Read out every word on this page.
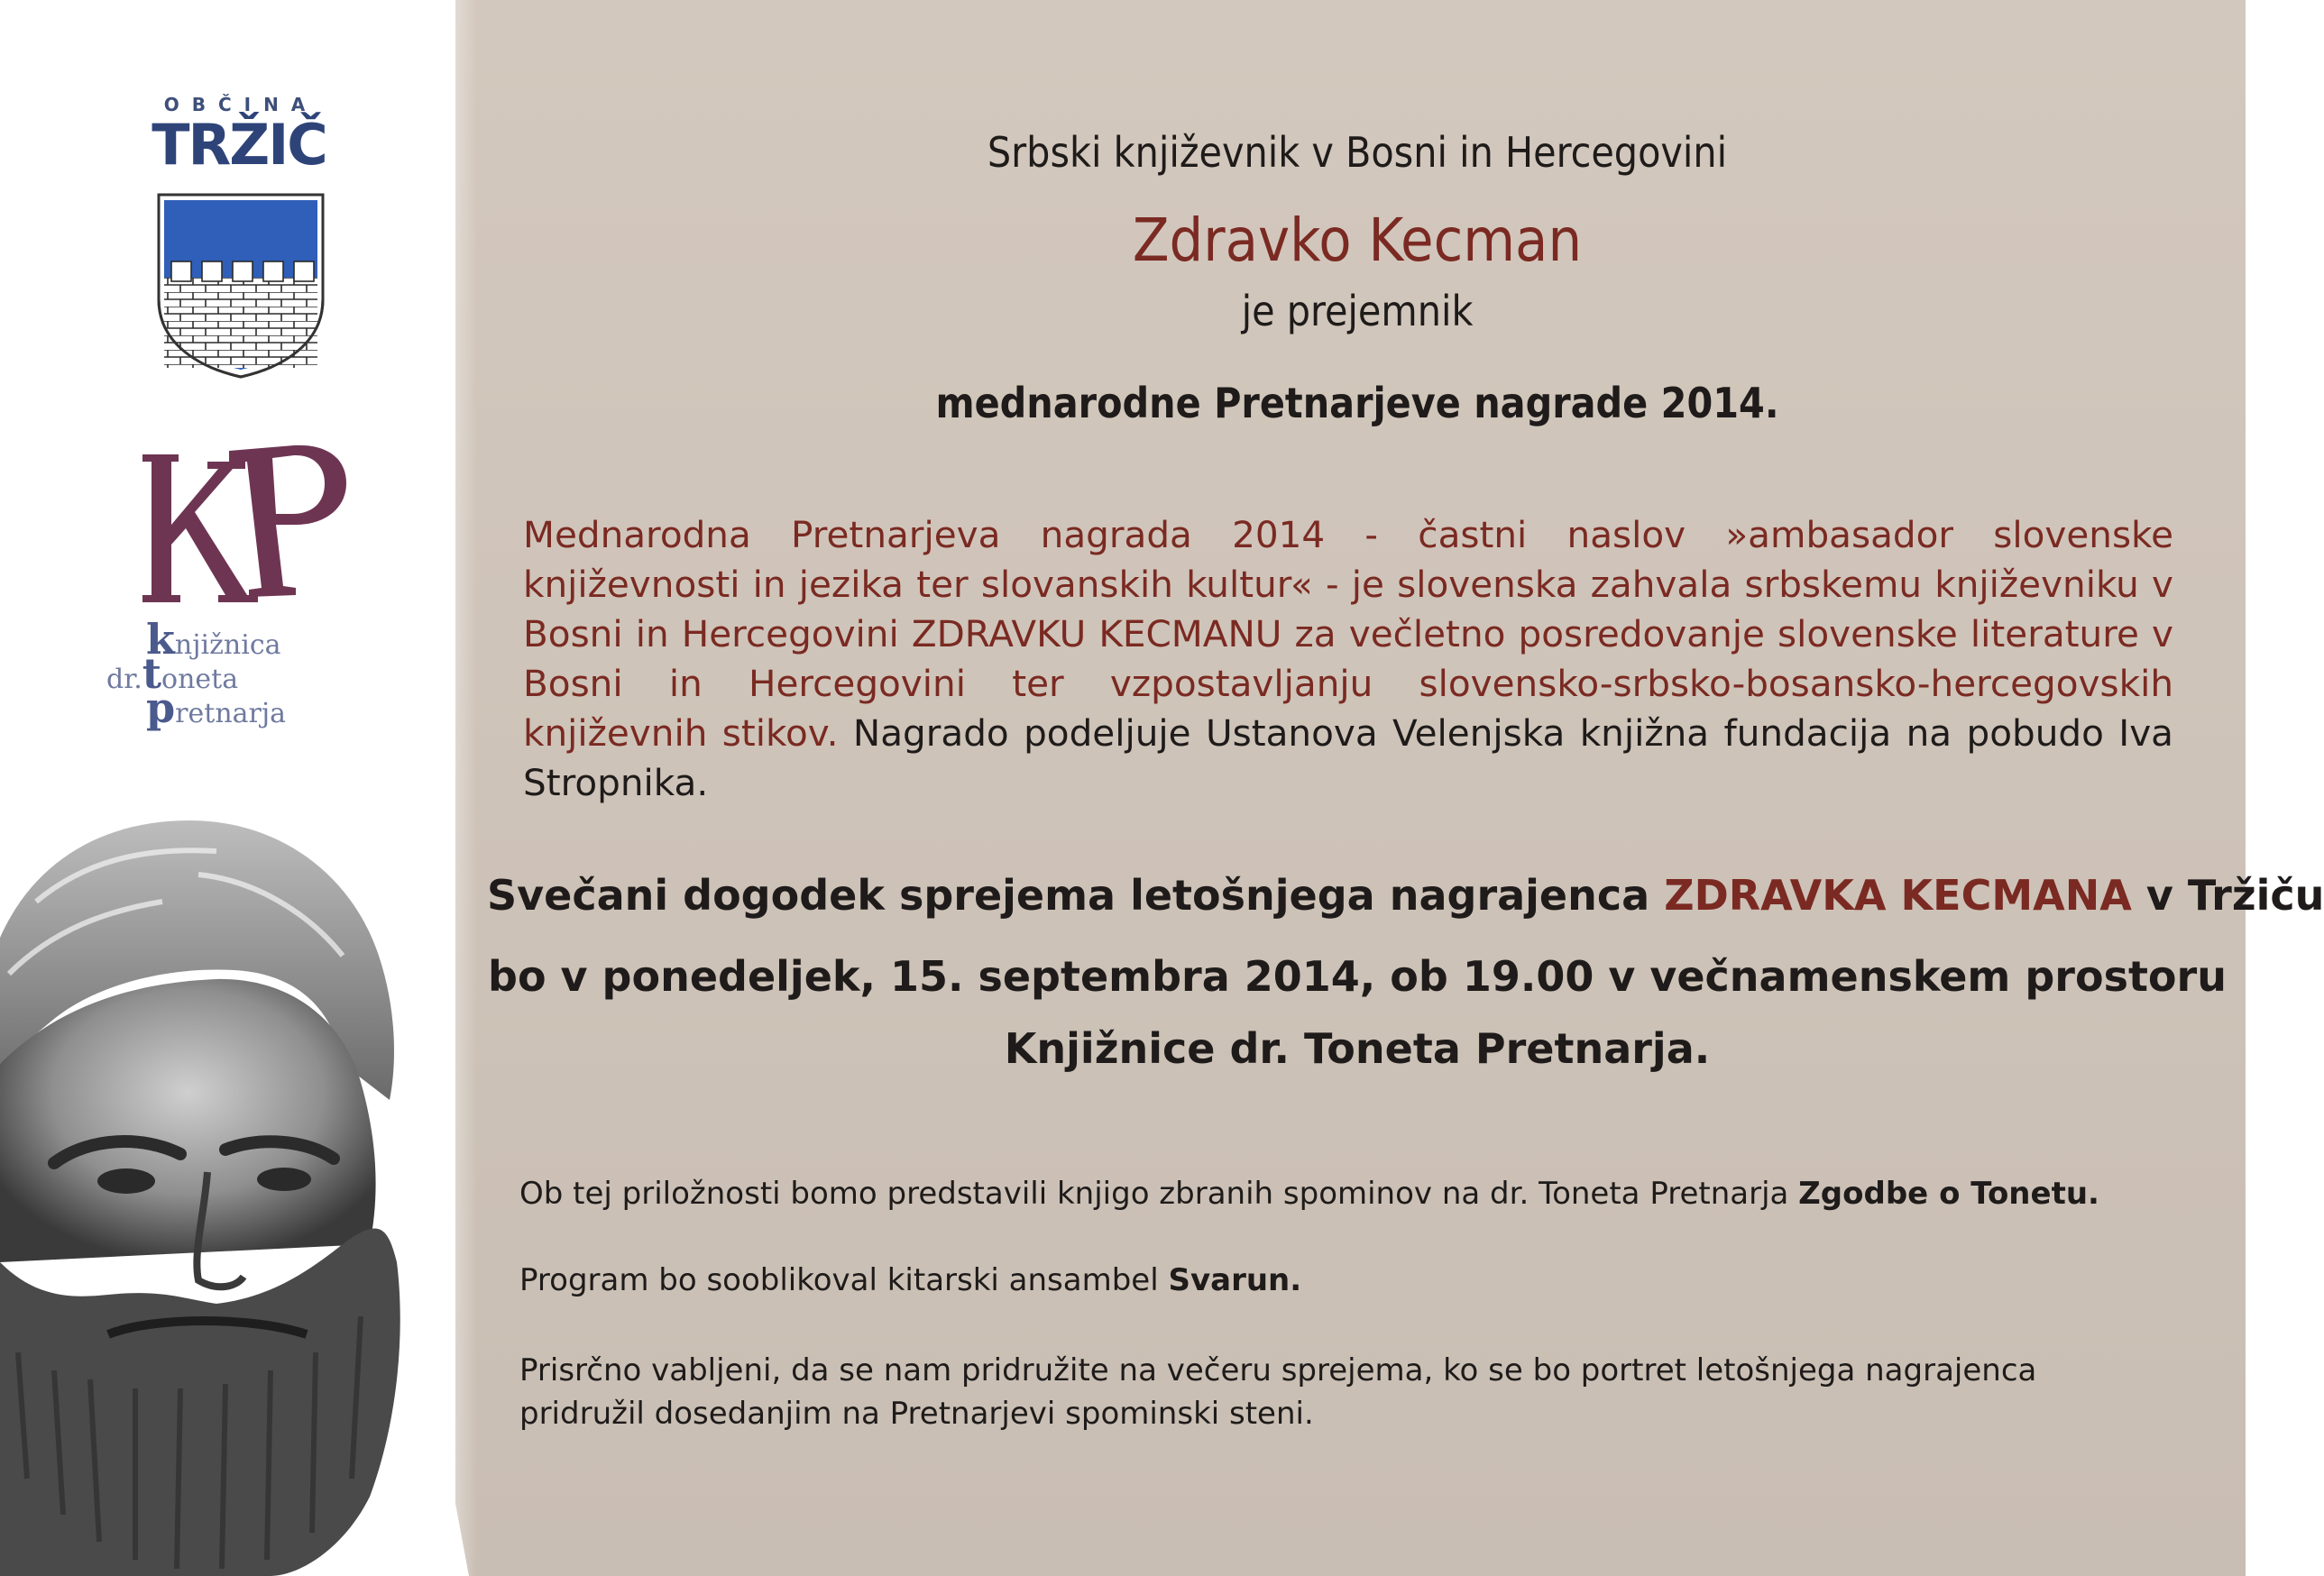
OBČINA
TRŽIČ
knjižnica
dr.toneta
pretnarja
Srbski književnik v Bosni in Hercegovini
Zdravko Kecman
je prejemnik
mednarodne Pretnarjeve nagrade 2014.
Mednarodna Pretnarjeva nagrada 2014 - častni naslov »ambasador slovenske književnosti in jezika ter slovanskih kultur« - je slovenska zahvala srbskemu književniku v Bosni in Hercegovini ZDRAVKU KECMANU za večletno posredovanje slovenske literature v Bosni in Hercegovini ter vzpostavljanju slovensko-srbsko-bosansko-hercegovskih književnih stikov. Nagrado podeljuje Ustanova Velenjska knjižna fundacija na pobudo Iva Stropnika.
Svečani dogodek sprejema letošnjega nagrajenca ZDRAVKA KECMANA v Tržiču
bo v ponedeljek, 15. septembra 2014, ob 19.00 v večnamenskem prostoru
Knjižnice dr. Toneta Pretnarja.
Ob tej priložnosti bomo predstavili knjigo zbranih spominov na dr. Toneta Pretnarja Zgodbe o Tonetu.
Program bo sooblikoval kitarski ansambel Svarun.
Prisrčno vabljeni, da se nam pridružite na večeru sprejema, ko se bo portret letošnjega nagrajenca pridružil dosedanjim na Pretnarjevi spominski steni.
